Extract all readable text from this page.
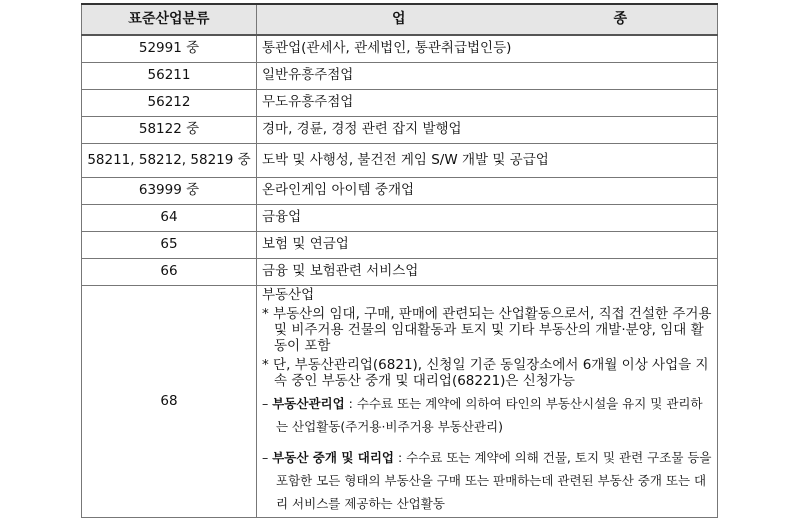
표준산업분류	업 종

52991 중	통관업(관세사, 관세법인, 통관취급법인등)
56211	일반유흥주점업
56212	무도유흥주점업
58122 중	경마, 경륜, 경정 관련 잡지 발행업
58211, 58212, 58219 중	도박 및 사행성, 불건전 게임 S/W 개발 및 공급업
63999 중	온라인게임 아이템 중개업
64	금융업
65	보험 및 연금업
66	금융 및 보험관련 서비스업
68	부동산업

* 부동산의 임대, 구매, 판매에 관련되는 산업활동으로서, 직접 건설한 주거용 및 비주거용 건물의 임대활동과 토지 및 기타 부동산의 개발·분양, 임대 활동이 포함

* 단, 부동산관리업(6821), 신청일 기준 동일장소에서 6개월 이상 사업을 지속 중인 부동산 중개 및 대리업(68221)은 신청가능

– 부동산관리업 : 수수료 또는 계약에 의하여 타인의 부동산시설을 유지 및 관리하는 산업활동(주거용·비주거용 부동산관리)

– 부동산 중개 및 대리업 : 수수료 또는 계약에 의해 건물, 토지 및 관련 구조물 등을 포함한 모든 형태의 부동산을 구매 또는 판매하는데 관련된 부동산 중개 또는 대리 서비스를 제공하는 산업활동
